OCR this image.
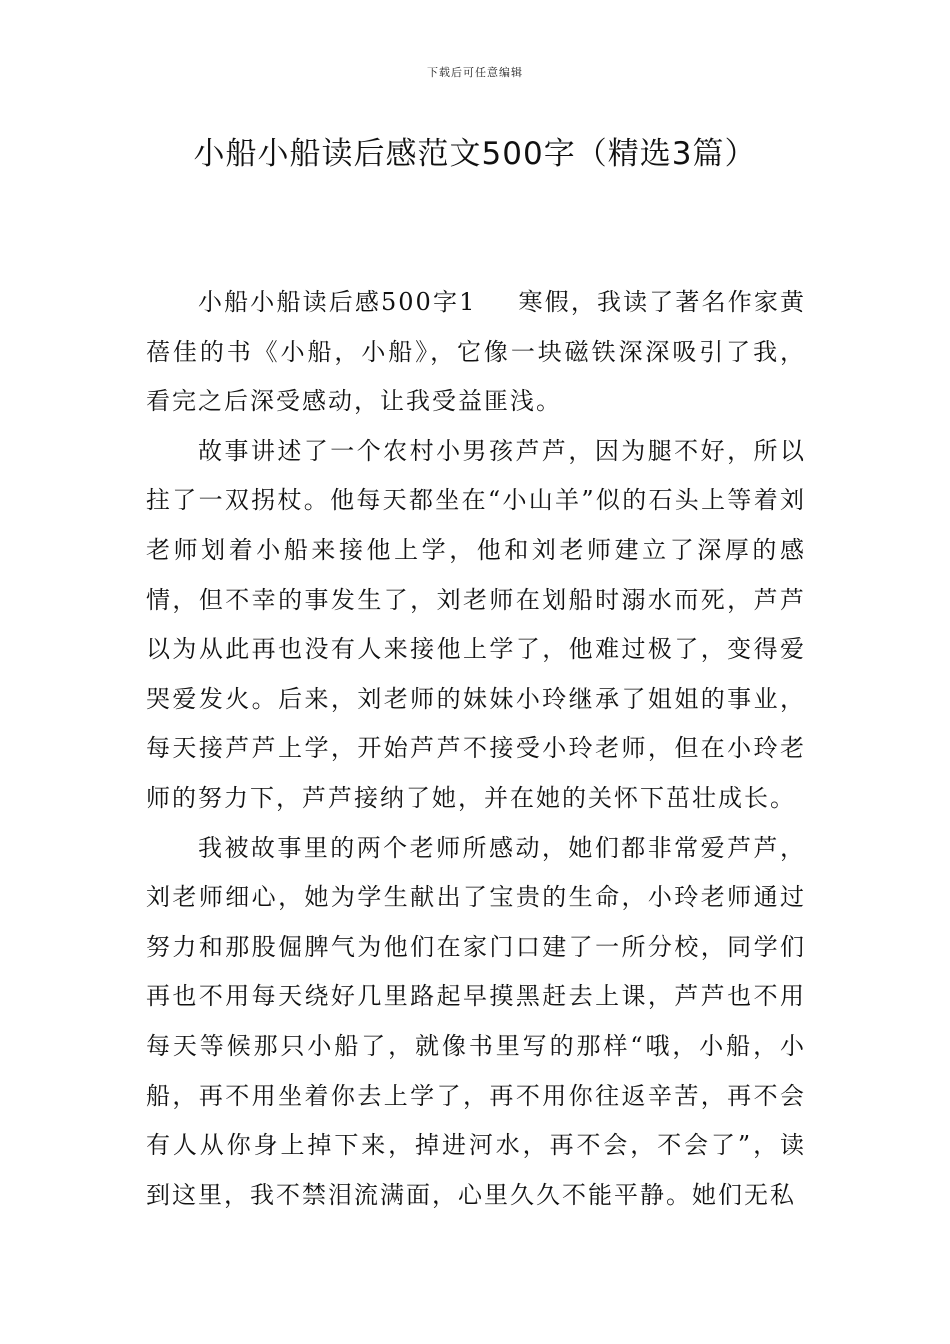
下载后可任意编辑
小船小船读后感范文500字（精选3篇）

小船小船读后感500字1 寒假，我读了著名作家黄蓓佳的书《小船，小船》，它像一块磁铁深深吸引了我，看完之后深受感动，让我受益匪浅。

故事讲述了一个农村小男孩芦芦，因为腿不好，所以拄了一双拐杖。他每天都坐在“小山羊”似的石头上等着刘老师划着小船来接他上学，他和刘老师建立了深厚的感情，但不幸的事发生了，刘老师在划船时溺水而死，芦芦以为从此再也没有人来接他上学了，他难过极了，变得爱哭爱发火。后来，刘老师的妹妹小玲继承了姐姐的事业，每天接芦芦上学，开始芦芦不接受小玲老师，但在小玲老师的努力下，芦芦接纳了她，并在她的关怀下茁壮成长。

我被故事里的两个老师所感动，她们都非常爱芦芦，刘老师细心，她为学生献出了宝贵的生命，小玲老师通过努力和那股倔脾气为他们在家门口建了一所分校，同学们再也不用每天绕好几里路起早摸黑赶去上课，芦芦也不用每天等候那只小船了，就像书里写的那样“哦，小船，小船，再不用坐着你去上学了，再不用你往返辛苦，再不会有人从你身上掉下来，掉进河水，再不会，不会了”，读到这里，我不禁泪流满面，心里久久不能平静。她们无私
